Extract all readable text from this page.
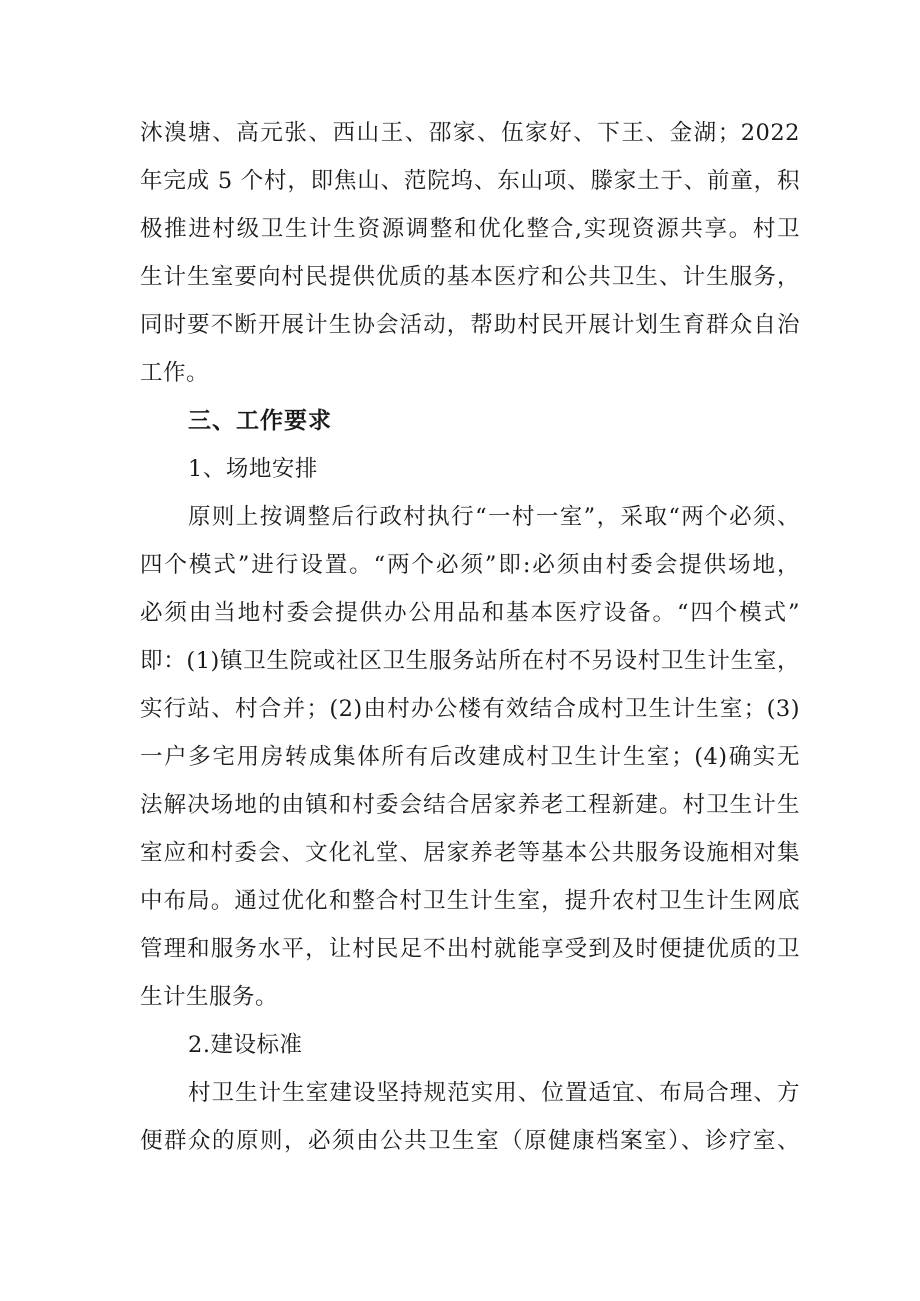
沐溴塘、高元张、西山王、邵家、伍家好、下王、金湖；2022
年完成 5 个村，即焦山、范院坞、东山项、滕家土于、前童，积
极推进村级卫生计生资源调整和优化整合,实现资源共享。村卫
生计生室要向村民提供优质的基本医疗和公共卫生、计生服务，
同时要不断开展计生协会活动，帮助村民开展计划生育群众自治
工作。
三、工作要求
1、场地安排
原则上按调整后行政村执行“一村一室”，采取“两个必须、
四个模式”进行设置。“两个必须”即:必须由村委会提供场地，
必须由当地村委会提供办公用品和基本医疗设备。“四个模式”
即：(1)镇卫生院或社区卫生服务站所在村不另设村卫生计生室，
实行站、村合并；(2)由村办公楼有效结合成村卫生计生室；(3)
一户多宅用房转成集体所有后改建成村卫生计生室；(4)确实无
法解决场地的由镇和村委会结合居家养老工程新建。村卫生计生
室应和村委会、文化礼堂、居家养老等基本公共服务设施相对集
中布局。通过优化和整合村卫生计生室，提升农村卫生计生网底
管理和服务水平，让村民足不出村就能享受到及时便捷优质的卫
生计生服务。
2.建设标准
村卫生计生室建设坚持规范实用、位置适宜、布局合理、方
便群众的原则，必须由公共卫生室（原健康档案室）、诊疗室、
